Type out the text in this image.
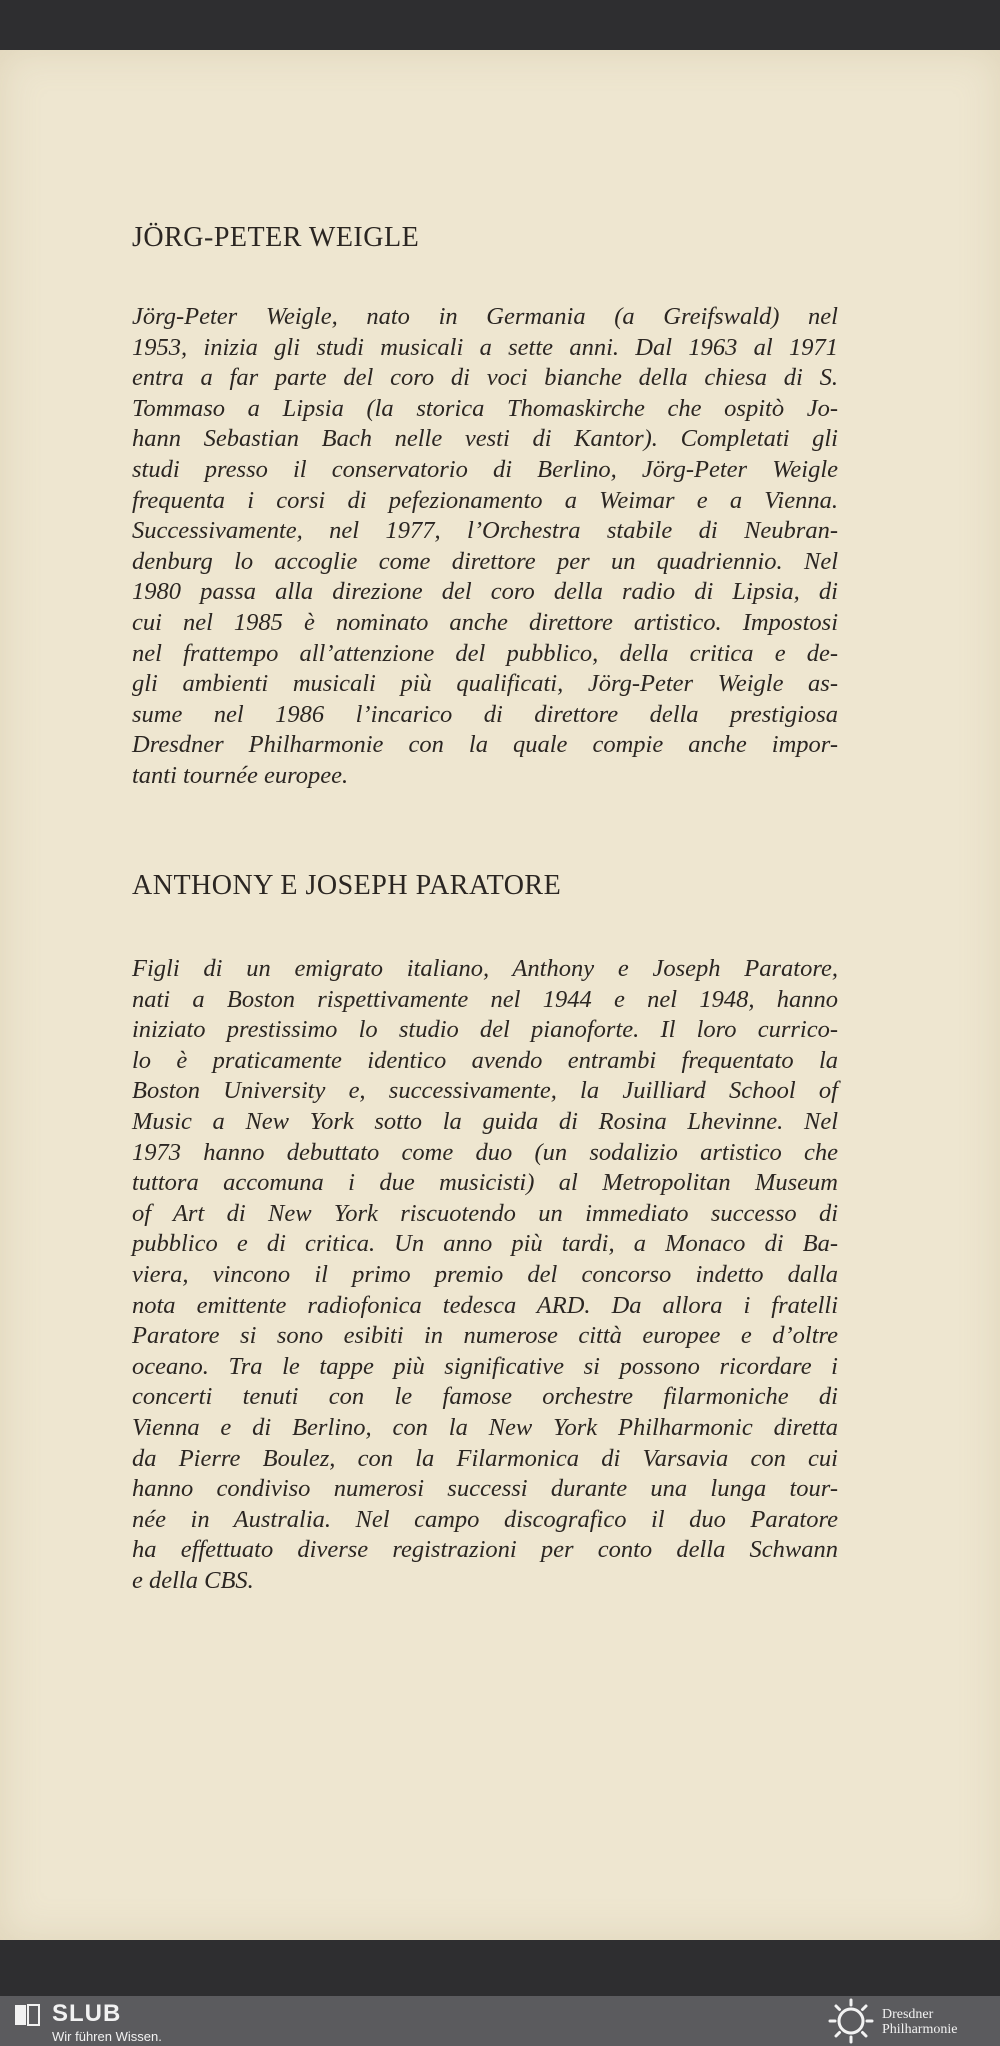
JÖRG-PETER WEIGLE

Jörg-Peter Weigle, nato in Germania (a Greifswald) nel
1953, inizia gli studi musicali a sette anni. Dal 1963 al 1971
entra a far parte del coro di voci bianche della chiesa di S.
Tommaso a Lipsia (la storica Thomaskirche che ospitò Jo-
hann Sebastian Bach nelle vesti di Kantor). Completati gli
studi presso il conservatorio di Berlino, Jörg-Peter Weigle
frequenta i corsi di pefezionamento a Weimar e a Vienna.
Successivamente, nel 1977, l’Orchestra stabile di Neubran-
denburg lo accoglie come direttore per un quadriennio. Nel
1980 passa alla direzione del coro della radio di Lipsia, di
cui nel 1985 è nominato anche direttore artistico. Impostosi
nel frattempo all’attenzione del pubblico, della critica e de-
gli ambienti musicali più qualificati, Jörg-Peter Weigle as-
sume nel 1986 l’incarico di direttore della prestigiosa
Dresdner Philharmonie con la quale compie anche impor-
tanti tournée europee.

ANTHONY E JOSEPH PARATORE

Figli di un emigrato italiano, Anthony e Joseph Paratore,
nati a Boston rispettivamente nel 1944 e nel 1948, hanno
iniziato prestissimo lo studio del pianoforte. Il loro currico-
lo è praticamente identico avendo entrambi frequentato la
Boston University e, successivamente, la Juilliard School of
Music a New York sotto la guida di Rosina Lhevinne. Nel
1973 hanno debuttato come duo (un sodalizio artistico che
tuttora accomuna i due musicisti) al Metropolitan Museum
of Art di New York riscuotendo un immediato successo di
pubblico e di critica. Un anno più tardi, a Monaco di Ba-
viera, vincono il primo premio del concorso indetto dalla
nota emittente radiofonica tedesca ARD. Da allora i fratelli
Paratore si sono esibiti in numerose città europee e d’oltre
oceano. Tra le tappe più significative si possono ricordare i
concerti tenuti con le famose orchestre filarmoniche di
Vienna e di Berlino, con la New York Philharmonic diretta
da Pierre Boulez, con la Filarmonica di Varsavia con cui
hanno condiviso numerosi successi durante una lunga tour-
née in Australia. Nel campo discografico il duo Paratore
ha effettuato diverse registrazioni per conto della Schwann
e della CBS.

SLUB
Wir führen Wissen.
Dresdner
Philharmonie
